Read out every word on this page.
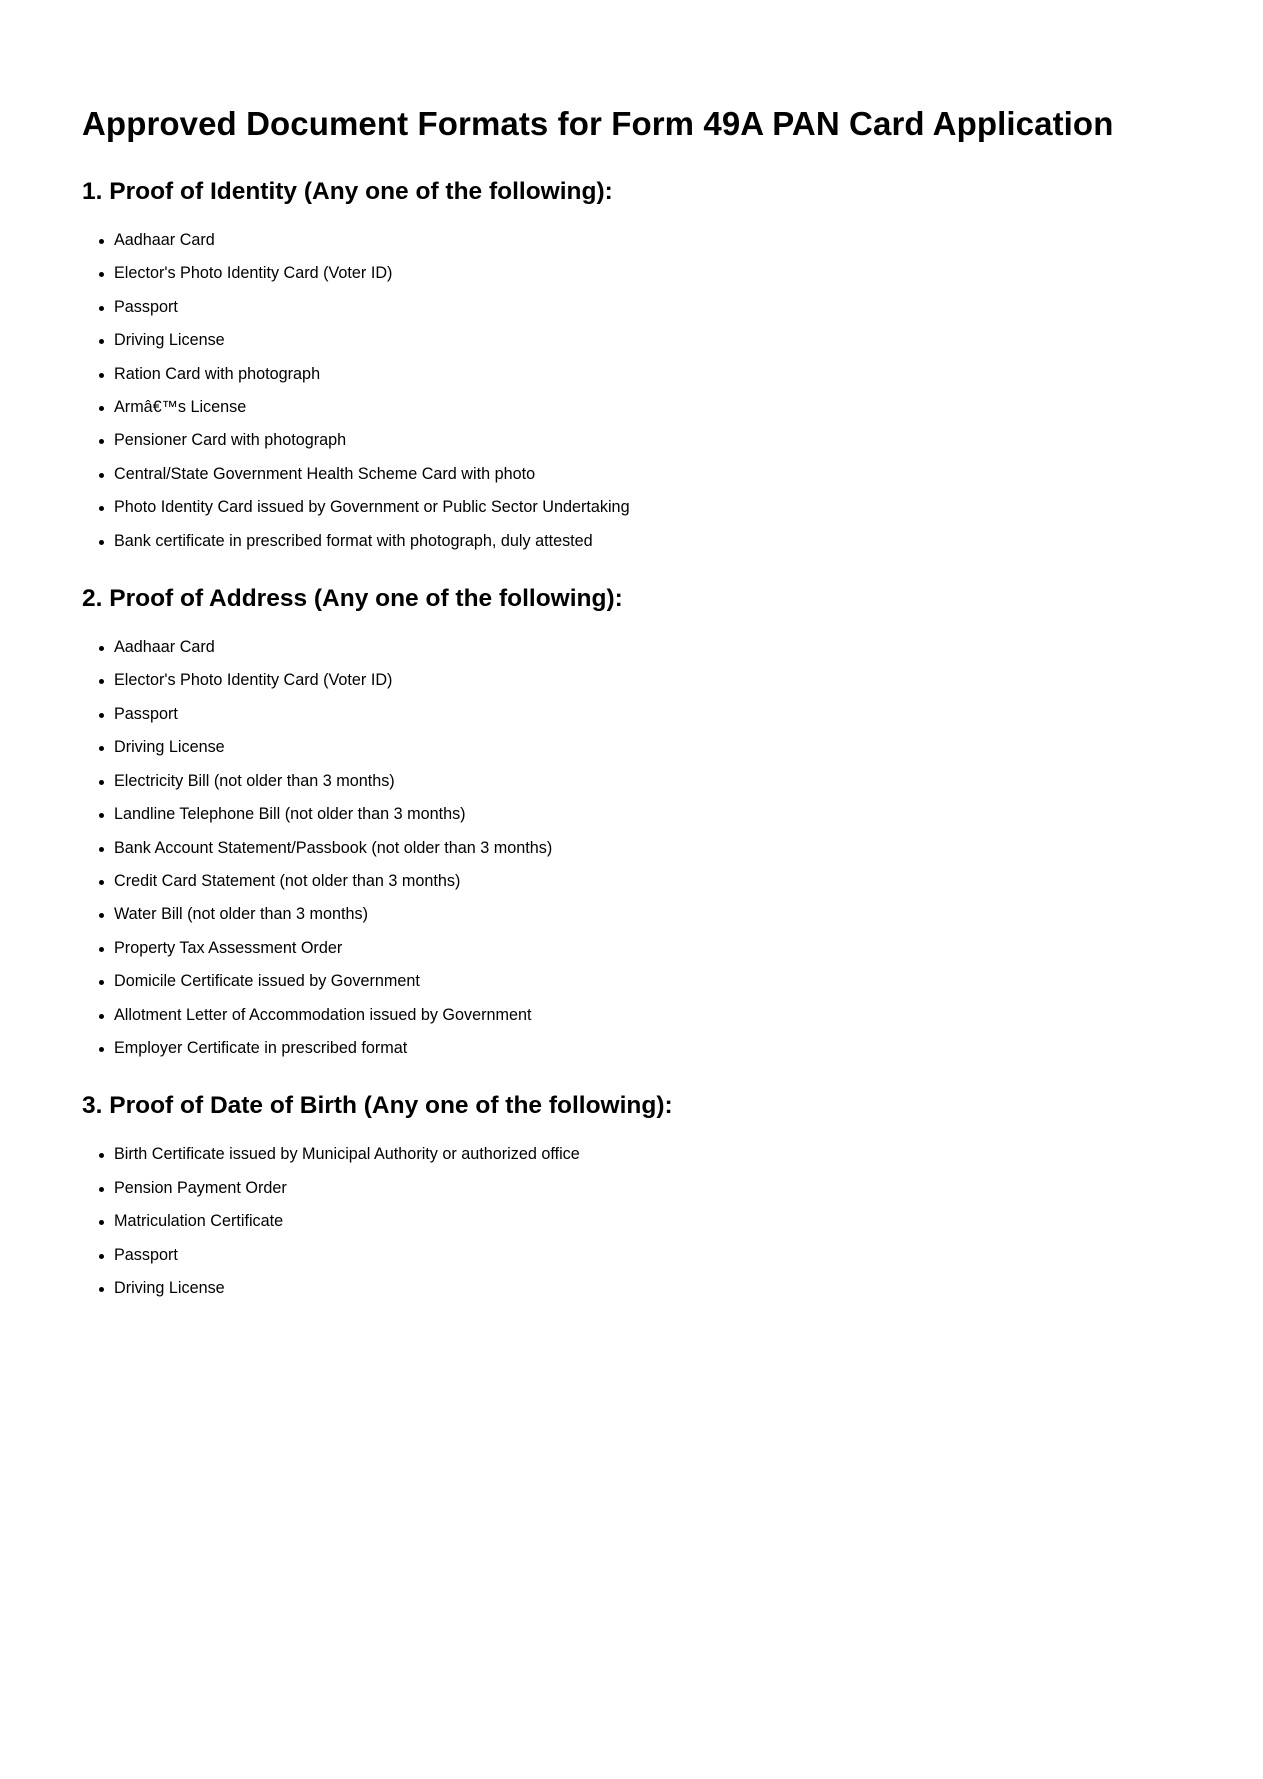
Approved Document Formats for Form 49A PAN Card Application
1. Proof of Identity (Any one of the following):
Aadhaar Card
Elector's Photo Identity Card (Voter ID)
Passport
Driving License
Ration Card with photograph
Armâ€™s License
Pensioner Card with photograph
Central/State Government Health Scheme Card with photo
Photo Identity Card issued by Government or Public Sector Undertaking
Bank certificate in prescribed format with photograph, duly attested
2. Proof of Address (Any one of the following):
Aadhaar Card
Elector's Photo Identity Card (Voter ID)
Passport
Driving License
Electricity Bill (not older than 3 months)
Landline Telephone Bill (not older than 3 months)
Bank Account Statement/Passbook (not older than 3 months)
Credit Card Statement (not older than 3 months)
Water Bill (not older than 3 months)
Property Tax Assessment Order
Domicile Certificate issued by Government
Allotment Letter of Accommodation issued by Government
Employer Certificate in prescribed format
3. Proof of Date of Birth (Any one of the following):
Birth Certificate issued by Municipal Authority or authorized office
Pension Payment Order
Matriculation Certificate
Passport
Driving License
